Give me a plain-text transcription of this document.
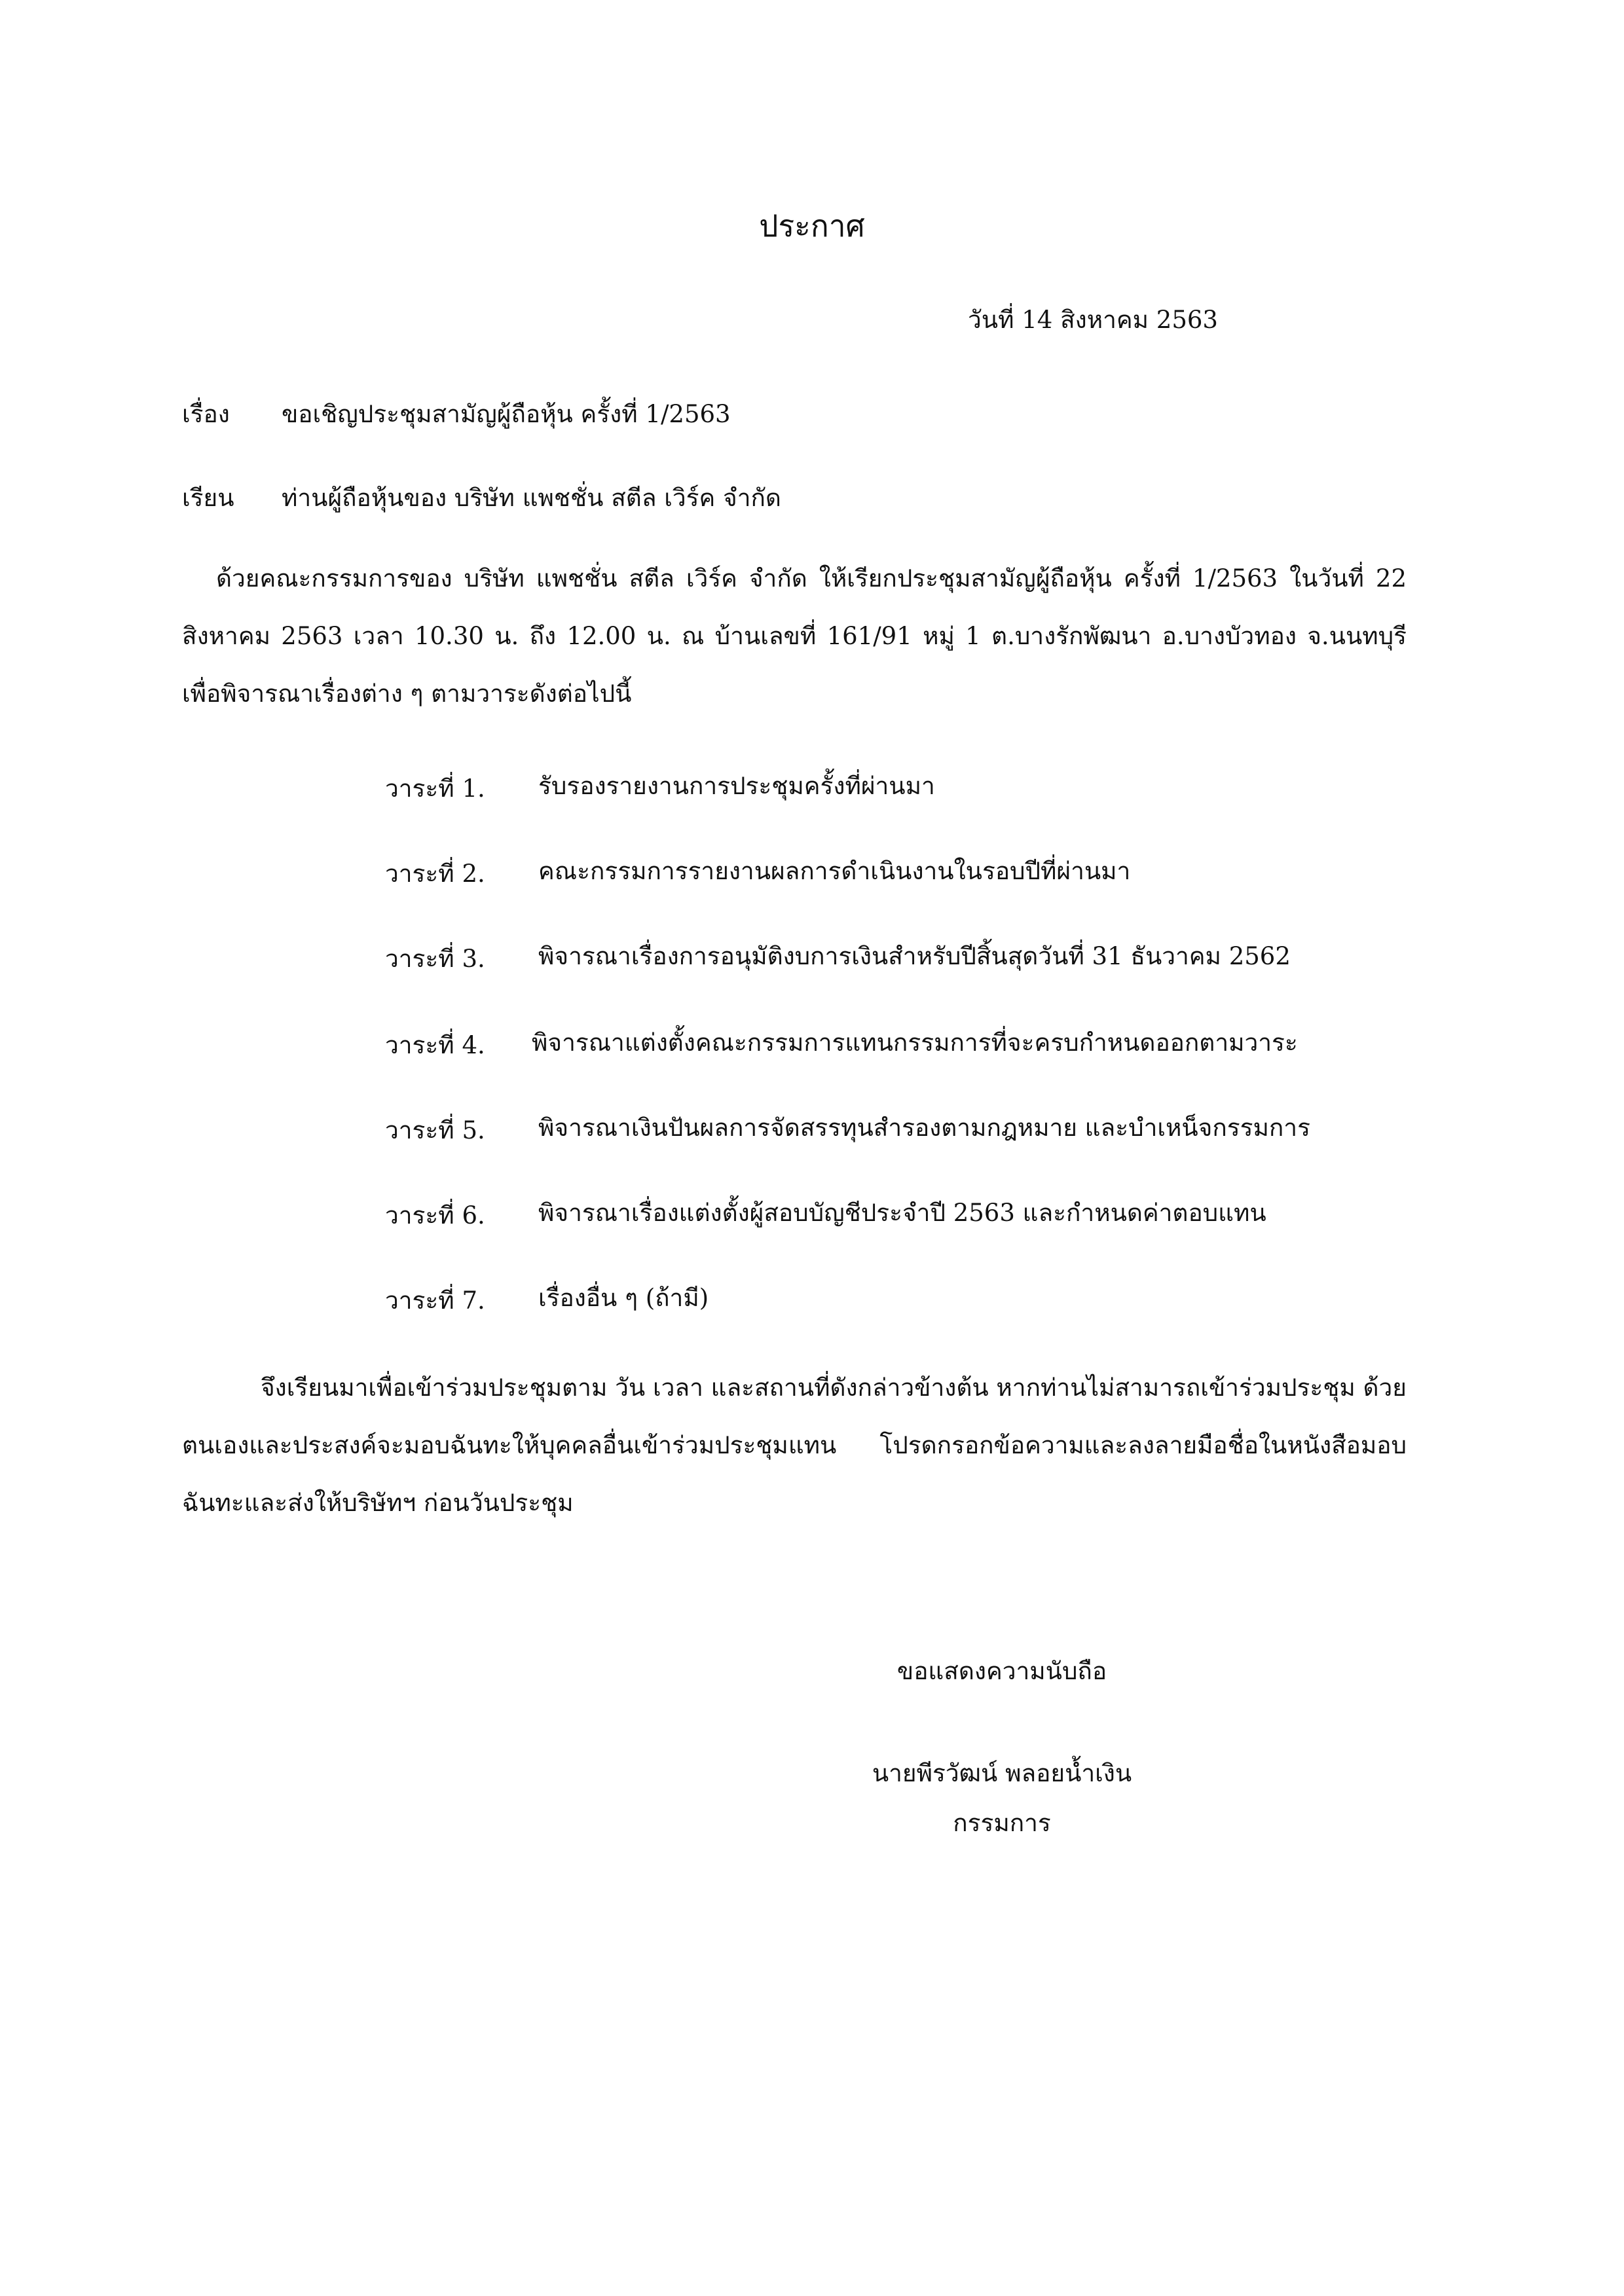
ประกาศ
วันที่ 14 สิงหาคม 2563
เรื่อง ขอเชิญประชุมสามัญผู้ถือหุ้น ครั้งที่ 1/2563
เรียน ท่านผู้ถือหุ้นของ บริษัท แพชชั่น สตีล เวิร์ค จำกัด
ด้วยคณะกรรมการของ บริษัท แพชชั่น สตีล เวิร์ค จำกัด ให้เรียกประชุมสามัญผู้ถือหุ้น ครั้งที่ 1/2563 ในวันที่ 22 สิงหาคม 2563 เวลา 10.30 น. ถึง 12.00 น. ณ บ้านเลขที่ 161/91 หมู่ 1 ต.บางรักพัฒนา อ.บางบัวทอง จ.นนทบุรี เพื่อพิจารณาเรื่องต่าง ๆ ตามวาระดังต่อไปนี้
วาระที่ 1. รับรองรายงานการประชุมครั้งที่ผ่านมา
วาระที่ 2. คณะกรรมการรายงานผลการดำเนินงานในรอบปีที่ผ่านมา
วาระที่ 3. พิจารณาเรื่องการอนุมัติงบการเงินสำหรับปีสิ้นสุดวันที่ 31 ธันวาคม 2562
วาระที่ 4. พิจารณาแต่งตั้งคณะกรรมการแทนกรรมการที่จะครบกำหนดออกตามวาระ
วาระที่ 5. พิจารณาเงินปันผลการจัดสรรทุนสำรองตามกฎหมาย และบำเหน็จกรรมการ
วาระที่ 6. พิจารณาเรื่องแต่งตั้งผู้สอบบัญชีประจำปี 2563 และกำหนดค่าตอบแทน
วาระที่ 7. เรื่องอื่น ๆ (ถ้ามี)
จึงเรียนมาเพื่อเข้าร่วมประชุมตาม วัน เวลา และสถานที่ดังกล่าวข้างต้น หากท่านไม่สามารถเข้าร่วมประชุม ด้วยตนเองและประสงค์จะมอบฉันทะให้บุคคลอื่นเข้าร่วมประชุมแทน โปรดกรอกข้อความและลงลายมือชื่อในหนังสือมอบฉันทะและส่งให้บริษัทฯ ก่อนวันประชุม
ขอแสดงความนับถือ
นายพีรวัฒน์ พลอยน้ำเงิน
กรรมการ
